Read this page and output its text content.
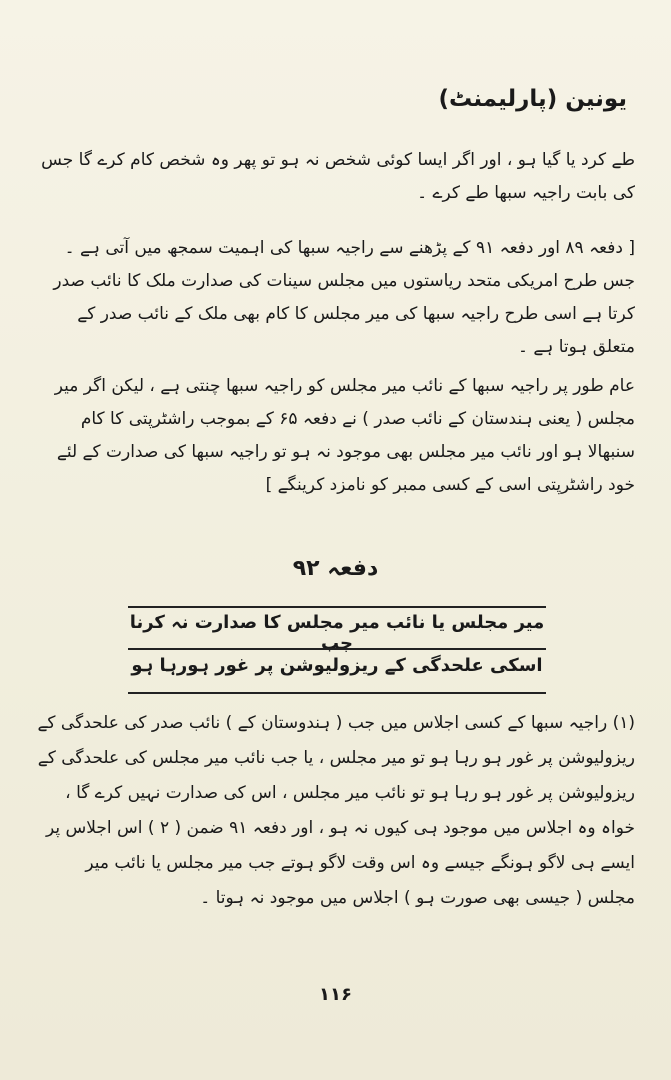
یونین (پارلیمنٹ)

طے کرد یا گیا ہو ، اور اگر ایسا کوئی شخص نہ ہو تو پھر وہ شخص کام کرے گا جس کی بابت راجیہ سبھا طے کرے ۔

[ دفعہ ۸۹ اور دفعہ ۹۱ کے پڑھنے سے راجیہ سبھا کی اہمیت سمجھ میں آتی ہے ۔ جس طرح امریکی متحد ریاستوں میں مجلس سینات کی صدارت ملک کا نائب صدر کرتا ہے اسی طرح راجیہ سبھا کی میر مجلس کا کام بھی ملک کے نائب صدر کے متعلق ہوتا ہے ۔

عام طور پر راجیہ سبھا کے نائب میر مجلس کو راجیہ سبھا چنتی ہے ، لیکن اگر میر مجلس ( یعنی ہندستان کے نائب صدر ) نے دفعہ ۶۵ کے بموجب راشٹرپتی کا کام سنبھالا ہو اور نائب میر مجلس بھی موجود نہ ہو تو راجیہ سبھا کی صدارت کے لئے خود راشٹرپتی اسی کے کسی ممبر کو نامزد کرینگے ]

دفعہ ۹۲
میر مجلس یا نائب میر مجلس کا صدارت نہ کرنا جب
اسکی علحدگی کے ریزولیوشن پر غور ہورہا ہو

(۱) راجیہ سبھا کے کسی اجلاس میں جب ( ہندوستان کے ) نائب صدر کی علحدگی کے ریزولیوشن پر غور ہو رہا ہو تو میر مجلس ، یا جب نائب میر مجلس کی علحدگی کے ریزولیوشن پر غور ہو رہا ہو تو نائب میر مجلس ، اس کی صدارت نہیں کرے گا ، خواہ وہ اجلاس میں موجود ہی کیوں نہ ہو ، اور دفعہ ۹۱ ضمن ( ۲ ) اس اجلاس پر ایسے ہی لاگو ہونگے جیسے وہ اس وقت لاگو ہوتے جب میر مجلس یا نائب میر مجلس ( جیسی بھی صورت ہو ) اجلاس میں موجود نہ ہوتا ۔

۱۱۶
